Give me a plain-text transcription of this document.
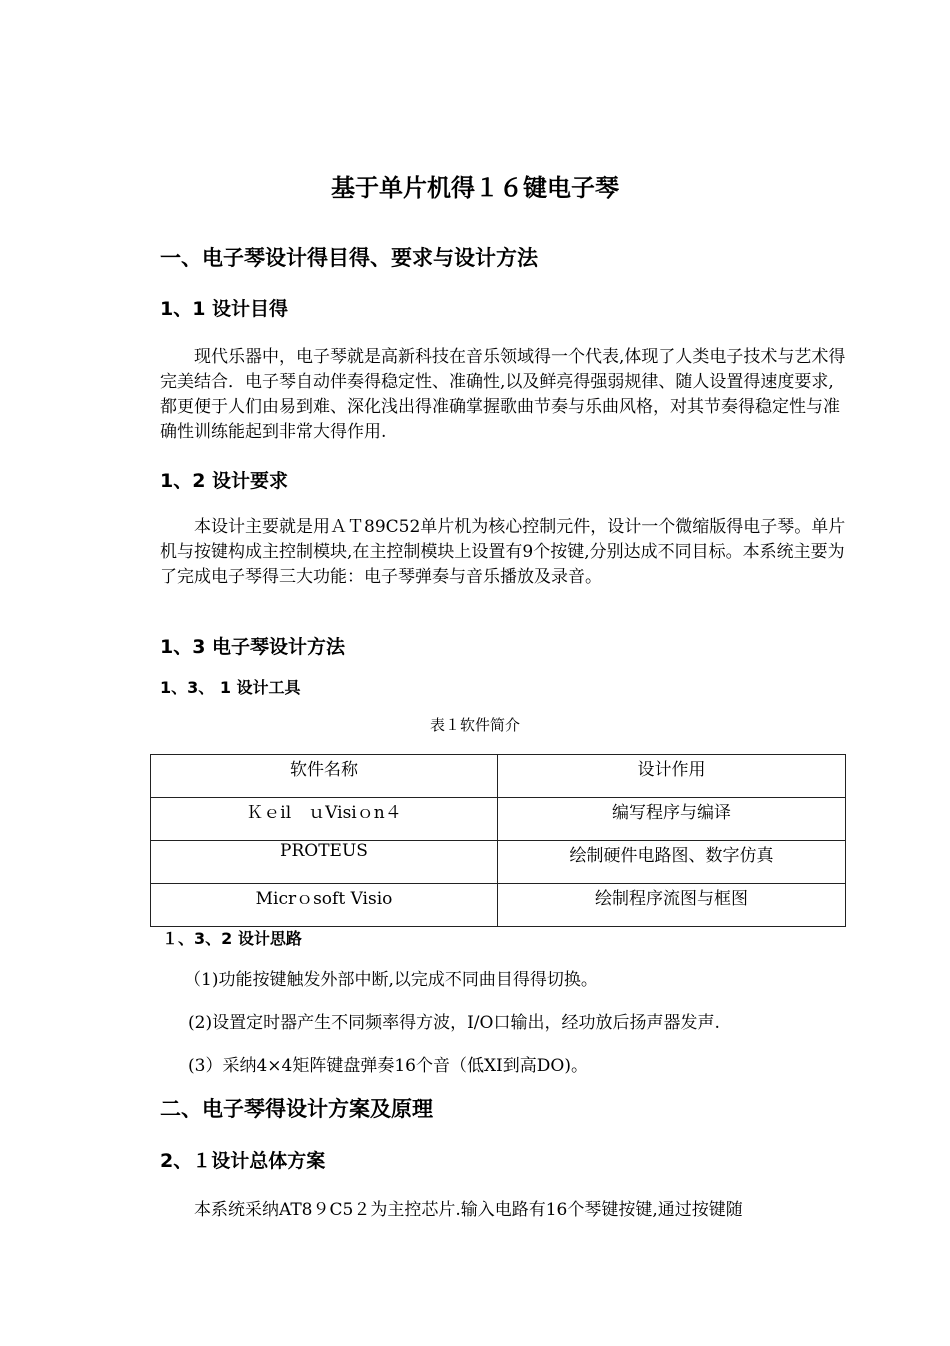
基于单片机得１６键电子琴
一、电子琴设计得目得、要求与设计方法
1、1 设计目得
现代乐器中，电子琴就是高新科技在音乐领域得一个代表,体现了人类电子技术与艺术得完美结合．电子琴自动伴奏得稳定性、准确性,以及鲜亮得强弱规律、随人设置得速度要求,都更便于人们由易到难、深化浅出得准确掌握歌曲节奏与乐曲风格，对其节奏得稳定性与准确性训练能起到非常大得作用.
1、2 设计要求
本设计主要就是用ＡＴ89C52单片机为核心控制元件，设计一个微缩版得电子琴。单片机与按键构成主控制模块,在主控制模块上设置有9个按键,分别达成不同目标。本系统主要为了完成电子琴得三大功能：电子琴弹奏与音乐播放及录音。
1、3 电子琴设计方法
1、3、 1 设计工具
表１软件简介
软件名称	设计作用
Ｋｅil　ｕVisiｏn４	编写程序与编译
PROTEUS	绘制硬件电路图、数字仿真
Micrｏsoft Visio	绘制程序流图与框图
１、3、2 设计思路
（1)功能按键触发外部中断,以完成不同曲目得得切换。
(2)设置定时器产生不同频率得方波，I/O口输出，经功放后扬声器发声.
(3）采纳4×4矩阵键盘弹奏16个音（低XI到高DO)。
二、电子琴得设计方案及原理
2、１设计总体方案
本系统采纳AT8９C5２为主控芯片.输入电路有16个琴键按键,通过按键随
